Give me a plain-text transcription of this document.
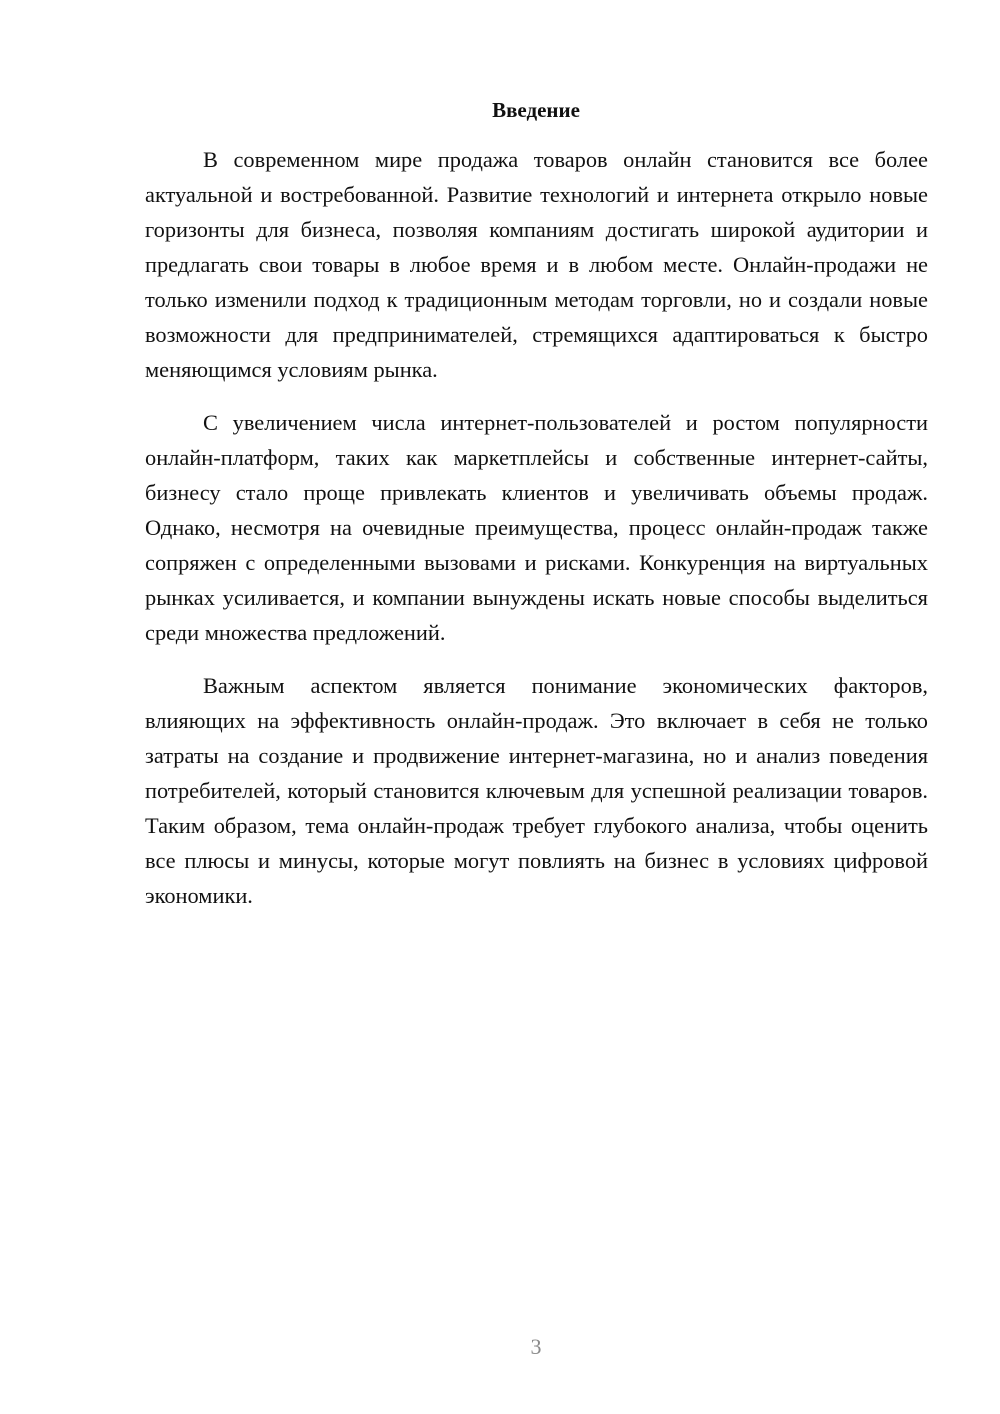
Введение

В современном мире продажа товаров онлайн становится все более актуальной и востребованной. Развитие технологий и интернета открыло новые горизонты для бизнеса, позволяя компаниям достигать широкой аудитории и предлагать свои товары в любое время и в любом месте. Онлайн-продажи не только изменили подход к традиционным методам торговли, но и создали новые возможности для предпринимателей, стремящихся адаптироваться к быстро меняющимся условиям рынка.

С увеличением числа интернет-пользователей и ростом популярности онлайн-платформ, таких как маркетплейсы и собственные интернет-сайты, бизнесу стало проще привлекать клиентов и увеличивать объемы продаж. Однако, несмотря на очевидные преимущества, процесс онлайн-продаж также сопряжен с определенными вызовами и рисками. Конкуренция на виртуальных рынках усиливается, и компании вынуждены искать новые способы выделиться среди множества предложений.

Важным аспектом является понимание экономических факторов, влияющих на эффективность онлайн-продаж. Это включает в себя не только затраты на создание и продвижение интернет-магазина, но и анализ поведения потребителей, который становится ключевым для успешной реализации товаров. Таким образом, тема онлайн-продаж требует глубокого анализа, чтобы оценить все плюсы и минусы, которые могут повлиять на бизнес в условиях цифровой экономики.

3
